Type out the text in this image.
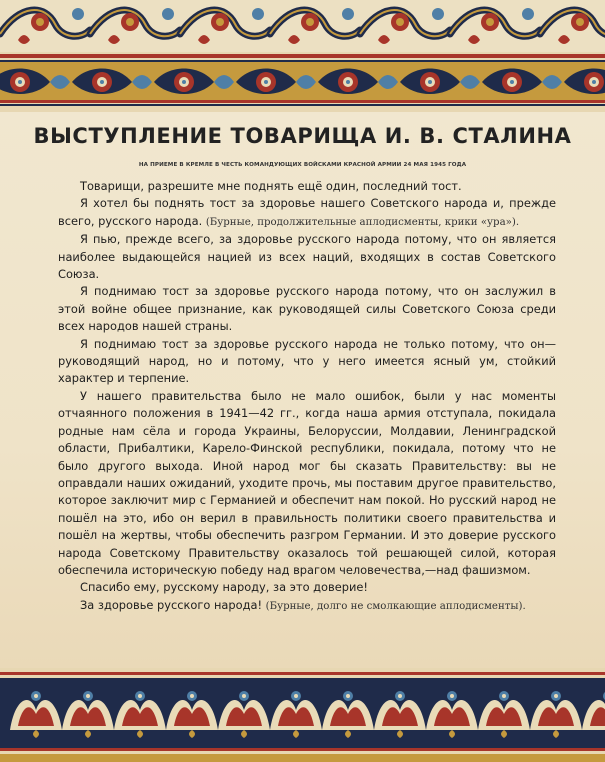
ВЫСТУПЛЕНИЕ ТОВАРИЩА И. В. СТАЛИНА
НА ПРИЕМЕ В КРЕМЛЕ В ЧЕСТЬ КОМАНДУЮЩИХ ВОЙСКАМИ КРАСНОЙ АРМИИ 24 МАЯ 1945 ГОДА

Товарищи, разрешите мне поднять ещё один, последний тост.

Я хотел бы поднять тост за здоровье нашего Советского народа и, прежде всего, русского народа. (Бурные, продолжительные аплодисменты, крики «ура»).

Я пью, прежде всего, за здоровье русского народа потому, что он является наиболее выдающейся нацией из всех наций, входящих в состав Советского Союза.

Я поднимаю тост за здоровье русского народа потому, что он заслужил в этой войне общее признание, как руководящей силы Советского Союза среди всех народов нашей страны.

Я поднимаю тост за здоровье русского народа не только потому, что он—руководящий народ, но и потому, что у него имеется ясный ум, стойкий характер и терпение.

У нашего правительства было не мало ошибок, были у нас моменты отчаянного положения в 1941—42 гг., когда наша армия отступала, покидала родные нам сёла и города Украины, Белоруссии, Молдавии, Ленинградской области, Прибалтики, Карело-Финской республики, покидала, потому что не было другого выхода. Иной народ мог бы сказать Правительству: вы не оправдали наших ожиданий, уходите прочь, мы поставим другое правительство, которое заключит мир с Германией и обеспечит нам покой. Но русский народ не пошёл на это, ибо он верил в правильность политики своего правительства и пошёл на жертвы, чтобы обеспечить разгром Германии. И это доверие русского народа Советскому Правительству оказалось той решающей силой, которая обеспечила историческую победу над врагом человечества,—над фашизмом.

Спасибо ему, русскому народу, за это доверие!

За здоровье русского народа! (Бурные, долго не смолкающие аплодисменты).
